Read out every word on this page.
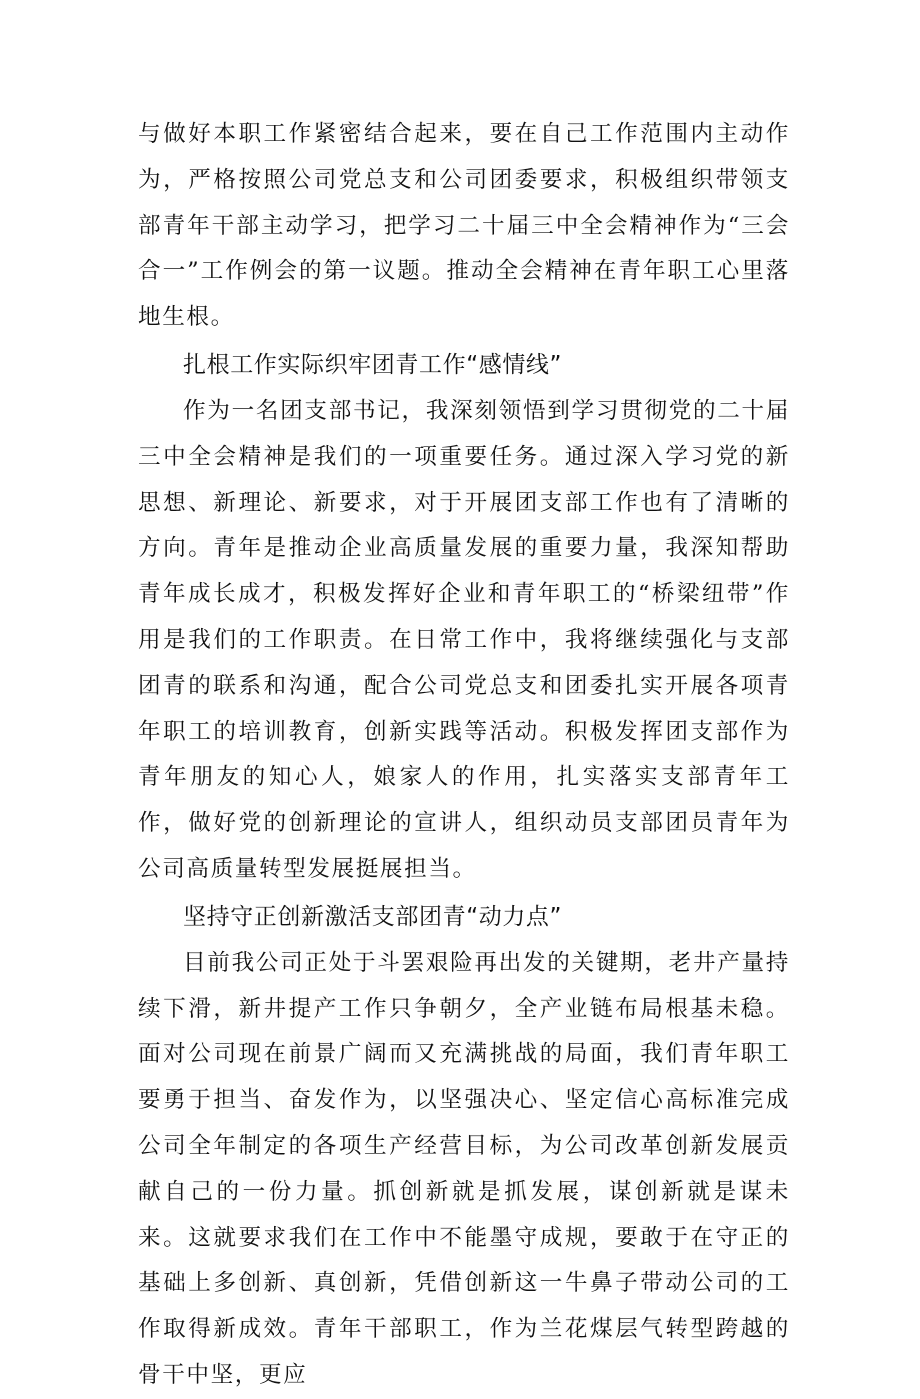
与做好本职工作紧密结合起来，要在自己工作范围内主动作为，严格按照公司党总支和公司团委要求，积极组织带领支部青年干部主动学习，把学习二十届三中全会精神作为“三会合一”工作例会的第一议题。推动全会精神在青年职工心里落地生根。

扎根工作实际织牢团青工作“感情线”

作为一名团支部书记，我深刻领悟到学习贯彻党的二十届三中全会精神是我们的一项重要任务。通过深入学习党的新思想、新理论、新要求，对于开展团支部工作也有了清晰的方向。青年是推动企业高质量发展的重要力量，我深知帮助青年成长成才，积极发挥好企业和青年职工的“桥梁纽带”作用是我们的工作职责。在日常工作中，我将继续强化与支部团青的联系和沟通，配合公司党总支和团委扎实开展各项青年职工的培训教育，创新实践等活动。积极发挥团支部作为青年朋友的知心人，娘家人的作用，扎实落实支部青年工作，做好党的创新理论的宣讲人，组织动员支部团员青年为公司高质量转型发展挺展担当。

坚持守正创新激活支部团青“动力点”

目前我公司正处于斗罢艰险再出发的关键期，老井产量持续下滑，新井提产工作只争朝夕，全产业链布局根基未稳。面对公司现在前景广阔而又充满挑战的局面，我们青年职工要勇于担当、奋发作为，以坚强决心、坚定信心高标准完成公司全年制定的各项生产经营目标，为公司改革创新发展贡献自己的一份力量。抓创新就是抓发展，谋创新就是谋未来。这就要求我们在工作中不能墨守成规，要敢于在守正的基础上多创新、真创新，凭借创新这一牛鼻子带动公司的工作取得新成效。青年干部职工，作为兰花煤层气转型跨越的骨干中坚，更应
